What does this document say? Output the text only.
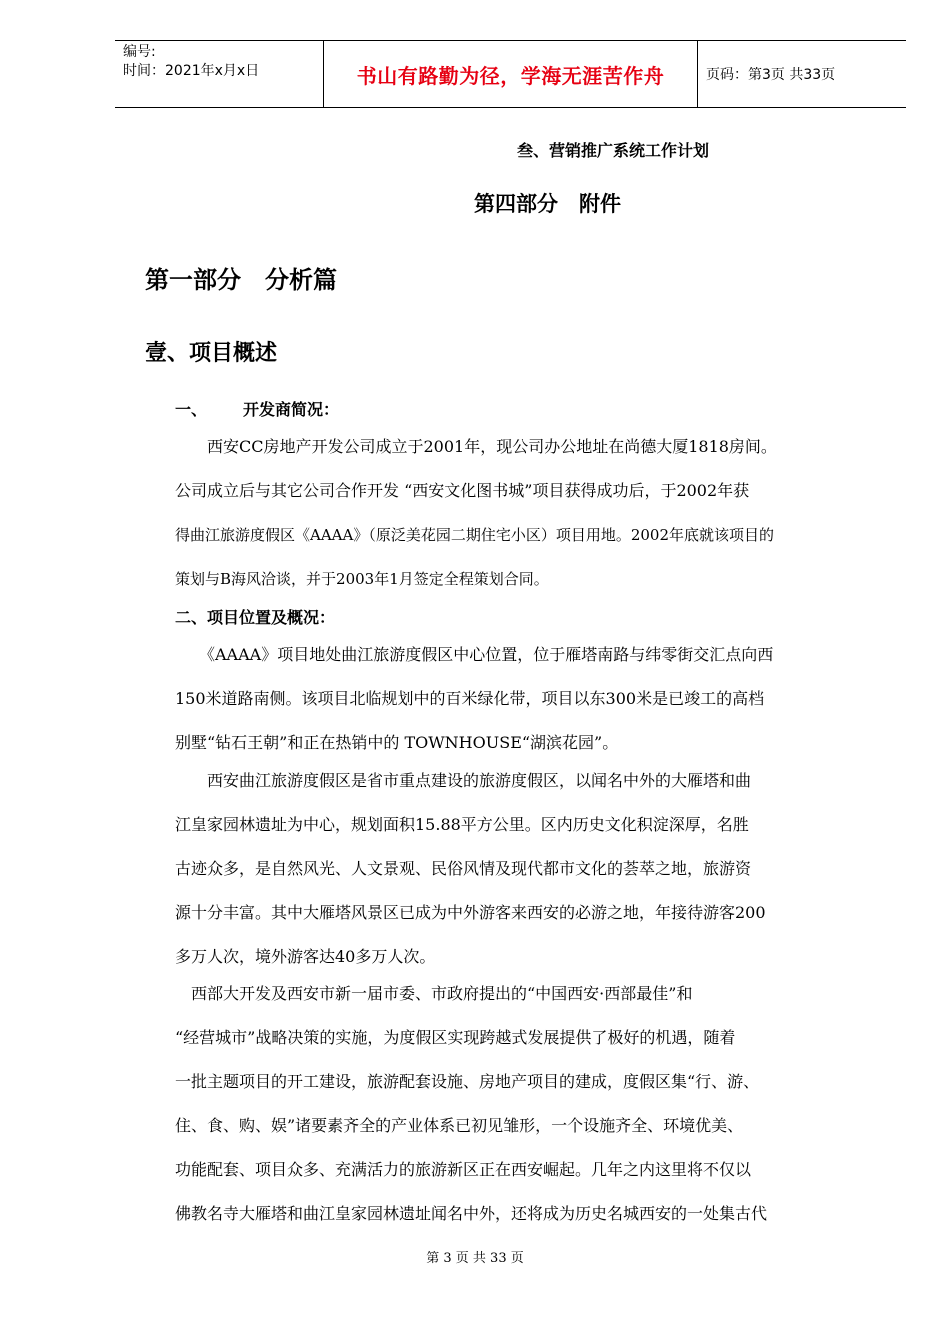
编号:
时间：2021年x月x日	书山有路勤为径，学海无涯苦作舟	页码：第3页 共33页
叁、营销推广系统工作计划
第四部分　附件
第一部分　分析篇
壹、项目概述
一、 开发商简况：
　　西安CC房地产开发公司成立于2001年，现公司办公地址在尚德大厦1818房间。
公司成立后与其它公司合作开发 “西安文化图书城”项目获得成功后，于2002年获
得曲江旅游度假区《AAAA》（原泛美花园二期住宅小区）项目用地。2002年底就该项目的
策划与B海风洽谈，并于2003年1月签定全程策划合同。
二、项目位置及概况：
　　《AAAA》项目地处曲江旅游度假区中心位置，位于雁塔南路与纬零街交汇点向西
150米道路南侧。该项目北临规划中的百米绿化带，项目以东300米是已竣工的高档
别墅“钻石王朝”和正在热销中的 TOWNHOUSE“湖滨花园”。
　　西安曲江旅游度假区是省市重点建设的旅游度假区，以闻名中外的大雁塔和曲
江皇家园林遗址为中心，规划面积15.88平方公里。区内历史文化积淀深厚，名胜
古迹众多，是自然风光、人文景观、民俗风情及现代都市文化的荟萃之地，旅游资
源十分丰富。其中大雁塔风景区已成为中外游客来西安的必游之地，年接待游客200
多万人次，境外游客达40多万人次。
　西部大开发及西安市新一届市委、市政府提出的“中国西安·西部最佳”和
“经营城市”战略决策的实施，为度假区实现跨越式发展提供了极好的机遇，随着
一批主题项目的开工建设，旅游配套设施、房地产项目的建成，度假区集“行、游、
住、食、购、娱”诸要素齐全的产业体系已初见雏形，一个设施齐全、环境优美、
功能配套、项目众多、充满活力的旅游新区正在西安崛起。几年之内这里将不仅以
佛教名寺大雁塔和曲江皇家园林遗址闻名中外，还将成为历史名城西安的一处集古代
第 3 页 共 33 页
